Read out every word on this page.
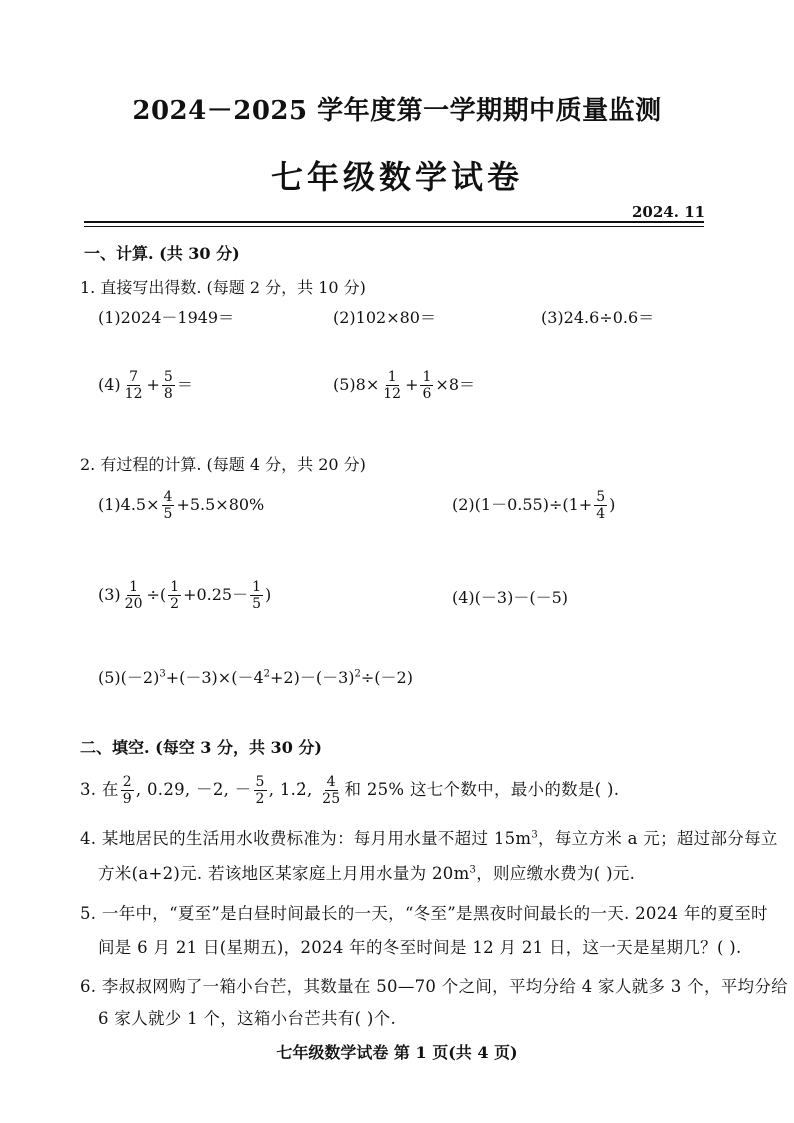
2024－2025 学年度第一学期期中质量监测
七年级数学试卷
2024. 11
一、计算. (共 30 分)
1. 直接写出得数. (每题 2 分，共 10 分)
(1)2024－1949＝	(2)102×80＝	(3)24.6÷0.6＝
$(4) \frac{7}{12} + \frac{5}{8}$ ＝	$(5)8\times \frac{1}{12} + \frac{1}{6} \times 8=$
2. 有过程的计算. (每题 4 分，共 20 分)
$(1)4.5\times \frac{4}{5} +5.5\times 80\%$	$(2)(1-0.55)\div(1+ \frac{5}{4}$ )
$(3) \frac{1}{20}$ ÷( $\frac{1}{2} +0.25- \frac{1}{5}$ )	(4)(－3)－(－5)
$(5)(-2)^3+(-3)\times(-4^2+2)-(-3)^2\div(-2)$
二、填空. (每空 3 分，共 30 分)
3. 在 $\frac{2}{9}$ , 0.29, －2, － $\frac{5}{2}$ , 1.2̇, $\frac{4}{25}$ 和 25% 这七个数中，最小的数是( ).
4. 某地居民的生活用水收费标准为：每月用水量不超过 $15m^3$，每立方米 a 元；超过部分每立
方米(a+2)元. 若该地区某家庭上月用水量为 $20m^3$，则应缴水费为( )元.
5. 一年中，“夏至”是白昼时间最长的一天，“冬至”是黑夜时间最长的一天. 2024 年的夏至时
间是 6 月 21 日(星期五)，2024 年的冬至时间是 12 月 21 日，这一天是星期几？( ).
6. 李叔叔网购了一箱小台芒，其数量在 50—70 个之间，平均分给 4 家人就多 3 个，平均分给
6 家人就少 1 个，这箱小台芒共有( )个.
七年级数学试卷 第 1 页(共 4 页)
